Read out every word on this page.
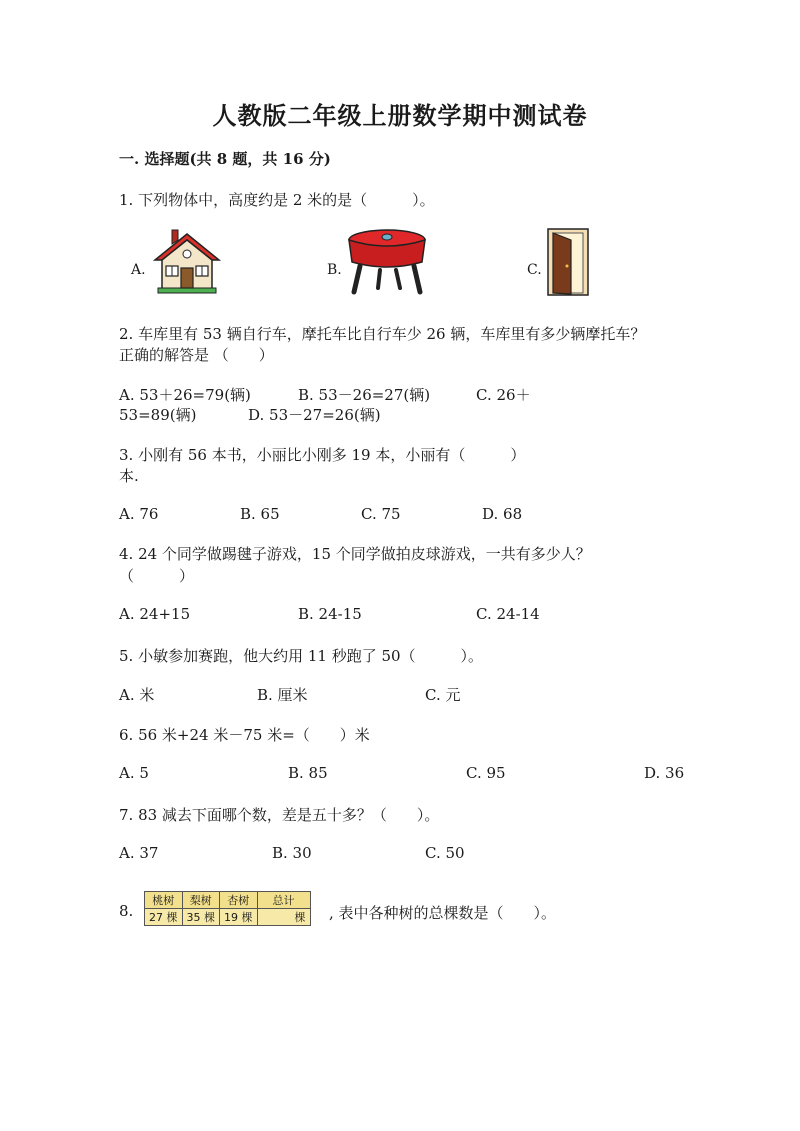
人教版二年级上册数学期中测试卷
一. 选择题(共 8 题，共 16 分)
1. 下列物体中，高度约是 2 米的是（　　　）。
A.	B.	C.
2. 车库里有 53 辆自行车，摩托车比自行车少 26 辆，车库里有多少辆摩托车？
正确的解答是 （　　）
A. 53＋26=79(辆)	B. 53－26=27(辆)	C. 26＋
53=89(辆)	D. 53－27=26(辆)
3. 小刚有 56 本书，小丽比小刚多 19 本，小丽有（　　　）
本.
A. 76	B. 65	C. 75	D. 68
4. 24 个同学做踢毽子游戏，15 个同学做拍皮球游戏，一共有多少人？
（　　　）
A. 24+15	B. 24-15	C. 24-14
5. 小敏参加赛跑，他大约用 11 秒跑了 50（　　　）。
A. 米	B. 厘米	C. 元
6. 56 米+24 米－75 米=（　　）米
A. 5	B. 85	C. 95	D. 36
7. 83 减去下面哪个数，差是五十多？（　　）。
A. 37	B. 30	C. 50
8.
桃树	梨树	杏树	总计
27 棵	35 棵	19 棵	棵 , 表中各种树的总棵数是（　　）。
